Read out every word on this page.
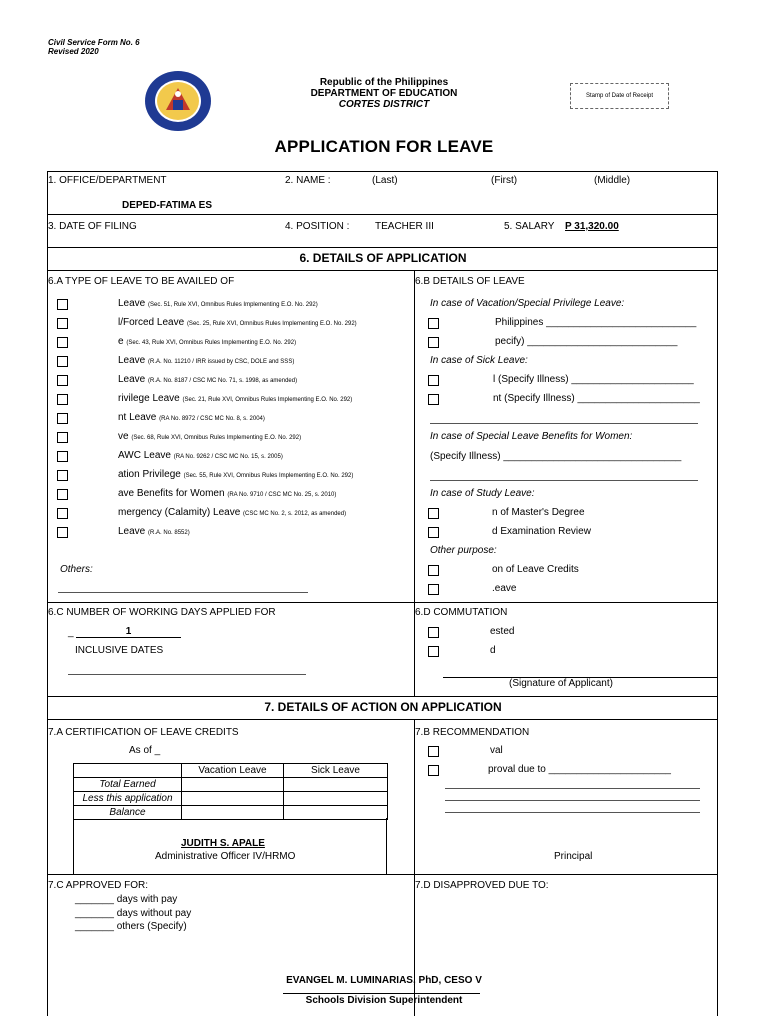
Civil Service Form No. 6
Revised 2020
Republic of the Philippines
DEPARTMENT OF EDUCATION
CORTES DISTRICT
Stamp of Date of Receipt
APPLICATION FOR LEAVE
1. OFFICE/DEPARTMENT
DEPED-FATIMA ES
2. NAME :	(Last)	(First)	(Middle)
3. DATE OF FILING	4. POSITION :	TEACHER III	5. SALARY P 31,320.00
6. DETAILS OF APPLICATION
6.A TYPE OF LEAVE TO BE AVAILED OF	6.B DETAILS OF LEAVE
Leave (Sec. 51, Rule XVI, Omnibus Rules Implementing E.O. No. 292)
l/Forced Leave (Sec. 25, Rule XVI, Omnibus Rules Implementing E.O. No. 292)
e (Sec. 43, Rule XVI, Omnibus Rules Implementing E.O. No. 292)
Leave (R.A. No. 11210 / IRR issued by CSC, DOLE and SSS)
Leave (R.A. No. 8187 / CSC MC No. 71, s. 1998, as amended)
rivilege Leave (Sec. 21, Rule XVI, Omnibus Rules Implementing E.O. No. 292)
nt Leave (RA No. 8972 / CSC MC No. 8, s. 2004)
ve (Sec. 68, Rule XVI, Omnibus Rules Implementing E.O. No. 292)
AWC Leave (RA No. 9262 / CSC MC No. 15, s. 2005)
ation Privilege (Sec. 55, Rule XVI, Omnibus Rules Implementing E.O. No. 292)
ave Benefits for Women (RA No. 9710 / CSC MC No. 25, s. 2010)
mergency (Calamity) Leave (CSC MC No. 2, s. 2012, as amended)
Leave (R.A. No. 8552)
Others:
In case of Vacation/Special Privilege Leave:
Philippines ___________________________
pecify) ___________________________
In case of Sick Leave:
l (Specify Illness) ______________________
nt (Specify Illness) ______________________
In case of Special Leave Benefits for Women:
(Specify Illness) ________________________________
In case of Study Leave:
n of Master's Degree
d Examination Review
Other purpose:
on of Leave Credits
.eave
6.C NUMBER OF WORKING DAYS APPLIED FOR
_	1
INCLUSIVE DATES
6.D COMMUTATION
ested
d
(Signature of Applicant)
7. DETAILS OF ACTION ON APPLICATION
7.A CERTIFICATION OF LEAVE CREDITS
As of _
	Vacation Leave	Sick Leave
Total Earned		
Less this application		
Balance		
JUDITH S. APALE
Administrative Officer IV/HRMO
7.B RECOMMENDATION
val
proval due to ______________________
Principal
7.C APPROVED FOR:
_______ days with pay
_______ days without pay
_______ others (Specify)
7.D DISAPPROVED DUE TO:
EVANGEL M. LUMINARIAS, PhD, CESO V
Schools Division Superintendent
